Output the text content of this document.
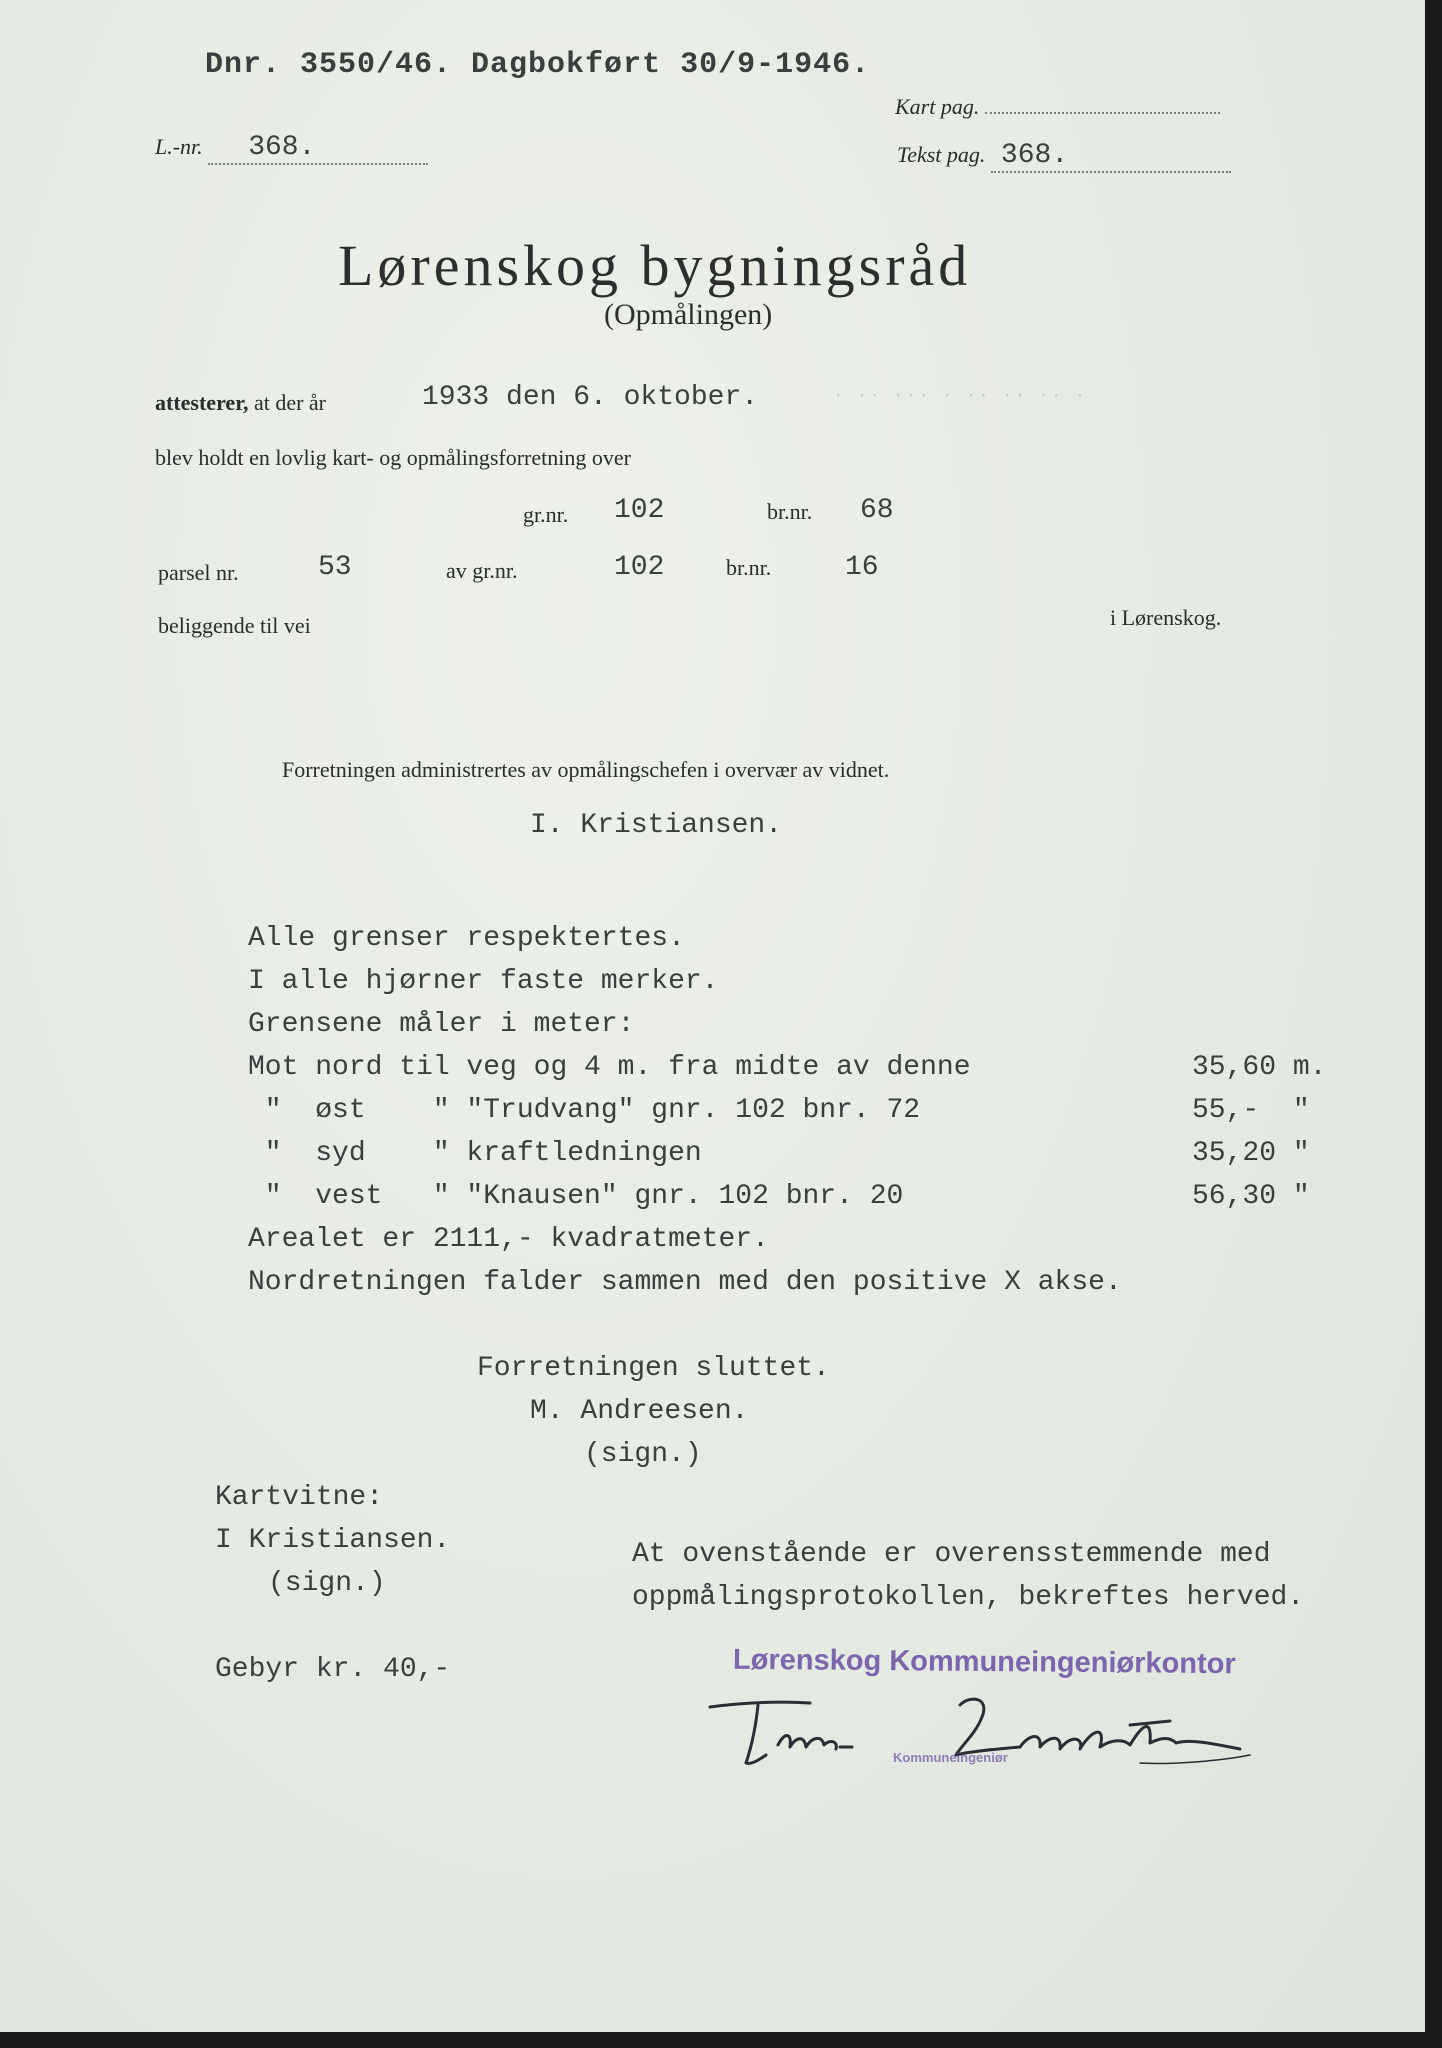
Dnr. 3550/46. Dagbokført 30/9-1946.
Kart pag.
L.-nr. 368.	Tekst pag. 368.
Lørenskog bygningsråd
(Opmålingen)
attesterer, at der år	1933 den 6. oktober.	· ·· ··· · ·· ·· ·· ·
blev holdt en lovlig kart- og opmålingsforretning over
gr.nr. 102	br.nr. 68
parsel nr.	53	av gr.nr.	102	br.nr.	16
beliggende til vei	i Lørenskog.
Forretningen administrertes av opmålingschefen i overvær av vidnet.
I. Kristiansen.
Alle grenser respektertes.
I alle hjørner faste merker.
Grensene måler i meter:
Mot nord til veg og 4 m. fra midte av denne	35,60 m.
"  øst    " "Trudvang" gnr. 102 bnr. 72	55,-  "
"  syd    " kraftledningen	35,20 "
"  vest   " "Knausen" gnr. 102 bnr. 20	56,30 "
Arealet er 2111,- kvadratmeter.
Nordretningen falder sammen med den positive X akse.
Forretningen sluttet.
M. Andreesen.
(sign.)
Kartvitne:
I Kristiansen.
(sign.)
At ovenstående er overensstemmende med
oppmålingsprotokollen, bekreftes herved.
Gebyr kr. 40,-	Lørenskog Kommuneingeniørkontor
Kommuneingeniør
